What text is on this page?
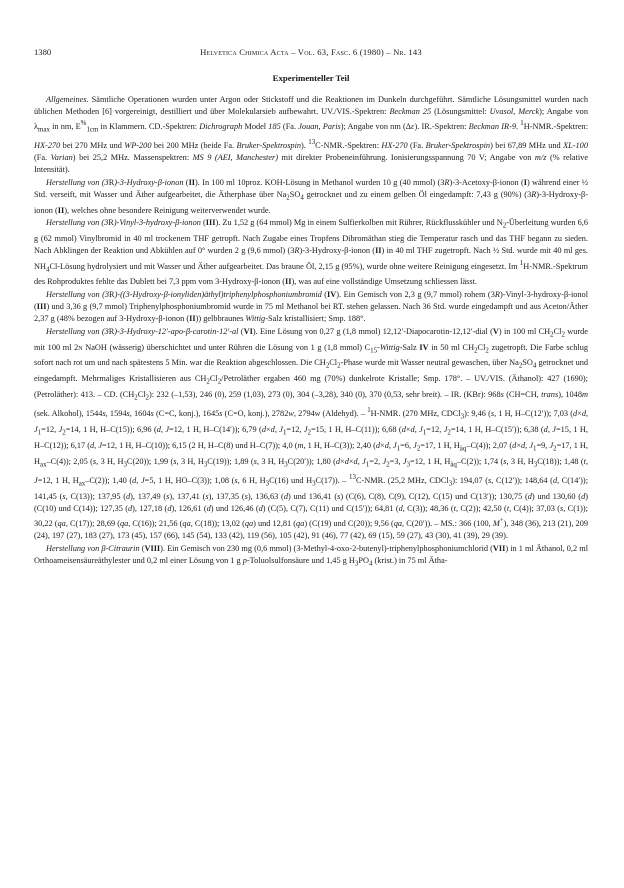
1380	Helvetica Chimica Acta – Vol. 63, Fasc. 6 (1980) – Nr. 143
Experimenteller Teil

Allgemeines. Sämtliche Operationen wurden unter Argon oder Stickstoff und die Reaktionen im Dunkeln durchgeführt. Sämtliche Lösungsmittel wurden nach üblichen Methoden [6] vorgereinigt, destilliert und über Molekularsieb aufbewahrt. UV./VIS.-Spektren: Beckman 25 (Lösungsmittel: Uvasol, Merck); Angabe von $\lambda_{max}$ in nm, $E^{\%}_{1cm}$ in Klammern. CD.-Spektren: Dichrograph Model 185 (Fa. Jouan, Paris); Angabe von nm (Δε). IR.-Spektren: Beckman IR-9. $^1$H-NMR.-Spektren: HX-270 bei 270 MHz und WP-200 bei 200 MHz (beide Fa. Bruker-Spektrospin). $^{13}$C-NMR.-Spektren: HX-270 (Fa. Bruker-Spektrospin) bei 67,89 MHz und XL-100 (Fa. Varian) bei 25,2 MHz. Massenspektren: MS 9 (AEI, Manchester) mit direkter Probeneinführung. Ionisierungsspannung 70 V; Angabe von m/z (% relative Intensität).

Herstellung von (3R)-3-Hydroxy-β-ionon (II). In 100 ml 10proz. KOH-Lösung in Methanol wurden 10 g (40 mmol) (3R)-3-Acetoxy-β-ionon (I) während einer ½ Std. verseift, mit Wasser und Äther aufgearbeitet, die Ätherphase über $Na_2SO_4$ getrocknet und zu einem gelben Öl eingedampft: 7,43 g (90%) (3R)-3-Hydroxy-β-ionon (II), welches ohne besondere Reinigung weiterverwendet wurde.

Herstellung von (3R)-Vinyl-3-hydroxy-β-ionon (III). Zu 1,52 g (64 mmol) Mg in einem Sulfierkolben mit Rührer, Rückflusskühler und $N_2$-Überleitung wurden 6,6 g (62 mmol) Vinylbromid in 40 ml trockenem THF getropft. Nach Zugabe eines Tropfens Dibromäthan stieg die Temperatur rasch und das THF begann zu sieden. Nach Abklingen der Reaktion und Abkühlen auf 0° wurden 2 g (9,6 mmol) (3R)-3-Hydroxy-β-ionon (II) in 40 ml THF zugetropft. Nach ½ Std. wurde mit 40 ml ges. $NH_4Cl$-Lösung hydrolysiert und mit Wasser und Äther aufgearbeitet. Das braune Öl, 2,15 g (95%), wurde ohne weitere Reinigung eingesetzt. Im $^1$H-NMR.-Spektrum des Rohproduktes fehlte das Dublett bei 7,3 ppm vom 3-Hydroxy-β-ionon (II), was auf eine vollständige Umsetzung schliessen lässt.

Herstellung von (3R)-((3-Hydroxy-β-ionyliden)äthyl)triphenylphosphoniumbromid (IV). Ein Gemisch von 2,3 g (9,7 mmol) rohem (3R)-Vinyl-3-hydroxy-β-ionol (III) und 3,36 g (9,7 mmol) Triphenylphosphoniumbromid wurde in 75 ml Methanol bei RT. stehen gelassen. Nach 36 Std. wurde eingedampft und aus Aceton/Äther 2,37 g (48% bezogen auf 3-Hydroxy-β-ionon (II)) gelbbraunes Wittig-Salz kristallisiert; Smp. 188°.

Herstellung von (3R)-3-Hydroxy-12′-apo-β-carotin-12′-al (VI). Eine Lösung von 0,27 g (1,8 mmol) 12,12′-Diapocarotin-12,12′-dial (V) in 100 ml $CH_2Cl_2$ wurde mit 100 ml 2n NaOH (wässerig) überschichtet und unter Rühren die Lösung von 1 g (1,8 mmol) $C_{15}-Wittig$-Salz IV in 50 ml $CH_2Cl_2$ zugetropft. Die Farbe schlug sofort nach rot um und nach spätestens 5 Min. war die Reaktion abgeschlossen. Die $CH_2Cl_2$-Phase wurde mit Wasser neutral gewaschen, über $Na_2SO_4$ getrocknet und eingedampft. Mehrmaliges Kristallisieren aus $CH_2Cl_2$/Petroläther ergaben 460 mg (70%) dunkelrote Kristalle; Smp. 178°. – UV./VIS. (Äthanol): 427 (1690); (Petroläther): 413. – CD. $(CH_2Cl_2)$: 232 (–1,53), 246 (0), 259 (1,03), 273 (0), 304 (–3,28), 340 (0), 370 (0,53, sehr breit). – IR. (KBr): 968s (CH=CH, trans), 1048m (sek. Alkohol), 1544s, 1594s, 1604s (C=C, konj.), 1645s (C=O, konj.), 2782w, 2794w (Aldehyd). – $^1$H-NMR. (270 MHz, CDCl$_3$): 9,46 (s, 1 H, H–C(12′)); 7,03 (d×d, $J_1=12$, $J_2=14$, 1 H, H–C(15)); 6,96 (d, J=12, 1 H, H–C(14′)); 6,79 (d×d, $J_1=12$, $J_2=15$, 1 H, H–C(11)); 6,68 (d×d, $J_1=12$, $J_2=14$, 1 H, H–C(15′)); 6,38 (d, J=15, 1 H, H–C(12)); 6,17 (d, J=12, 1 H, H–C(10)); 6,15 (2 H, H–C(8) und H–C(7)); 4,0 (m, 1 H, H–C(3)); 2,40 (d×d, $J_1=6$, $J_2=17$, 1 H, $H_{äq}-C(4)$); 2,07 (d×d, $J_1=9$, $J_2=17$, 1 H, $H_{ax}-C(4)$); 2,05 (s, 3 H, $H_3C(20)$); 1,99 (s, 3 H, $H_3C(19)$); 1,89 (s, 3 H, $H_3C(20')$); 1,80 (d×d×d, $J_1=2$, $J_2=3$, $J_3=12$, 1 H, $H_{äq}-C(2)$); 1,74 (s, 3 H, $H_3C(18)$); 1,48 (t, J=12, 1 H, $H_{ax}-C(2)$); 1,40 (d, J=5, 1 H, HO–C(3)); 1,08 (s, 6 H, $H_3C(16)$ und $H_3C(17)$). – $^{13}$C-NMR. (25,2 MHz, CDCl$_3$): 194,07 (s, C(12′)); 148,64 (d, C(14′)); 141,45 (s, C(13)); 137,95 (d), 137,49 (s), 137,41 (s), 137,35 (s), 136,63 (d) und 136,41 (s) (C(6), C(8), C(9), C(12), C(15) und C(13′)); 130,75 (d) und 130,60 (d) (C(10) und C(14)); 127,35 (d), 127,18 (d), 126,61 (d) und 126,46 (d) (C(5), C(7), C(11) und C(15′)); 64,81 (d, C(3)); 48,36 (t, C(2)); 42,50 (t, C(4)); 37,03 (s, C(1)); 30,22 (qa, C(17)); 28,69 (qa, C(16)); 21,56 (qa, C(18)); 13,02 (qa) und 12,81 (qa) (C(19) und C(20)); 9,56 (qa, C(20′)). – MS.: 366 (100, M+), 348 (36), 213 (21), 209 (24), 197 (27), 183 (27), 173 (45), 157 (66), 145 (54), 133 (42), 119 (56), 105 (42), 91 (46), 77 (42), 69 (15), 59 (27), 43 (30), 41 (39), 29 (39).

Herstellung von β-Citraurin (VIII). Ein Gemisch von 230 mg (0,6 mmol) (3-Methyl-4-oxo-2-butenyl)-triphenylphosphoniumchlorid (VII) in 1 ml Äthanol, 0,2 ml Orthoameisensäureäthylester und 0,2 ml einer Lösung von 1 g p-Toluolsulfonsäure und 1,45 g $H_3PO_4$ (krist.) in 75 ml Ätha-
